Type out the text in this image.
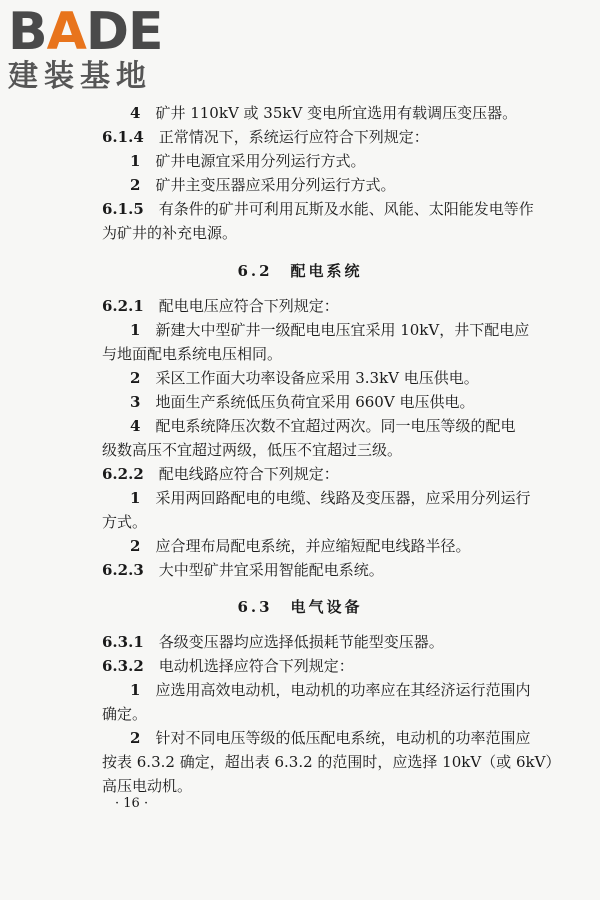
BADE
建装基地
4　 矿井 110kV 或 35kV 变电所宜选用有载调压变压器。
6.1.4　 正常情况下，系统运行应符合下列规定：
1　 矿井电源宜采用分列运行方式。
2　 矿井主变压器应采用分列运行方式。
6.1.5　 有条件的矿井可利用瓦斯及水能、风能、太阳能发电等作
为矿井的补充电源。
6.2　配电系统
6.2.1　 配电电压应符合下列规定：
1　 新建大中型矿井一级配电电压宜采用 10kV，井下配电应
与地面配电系统电压相同。
2　 采区工作面大功率设备应采用 3.3kV 电压供电。
3　 地面生产系统低压负荷宜采用 660V 电压供电。
4　 配电系统降压次数不宜超过两次。同一电压等级的配电
级数高压不宜超过两级，低压不宜超过三级。
6.2.2　 配电线路应符合下列规定：
1　 采用两回路配电的电缆、线路及变压器，应采用分列运行
方式。
2　 应合理布局配电系统，并应缩短配电线路半径。
6.2.3　 大中型矿井宜采用智能配电系统。
6.3　电气设备
6.3.1　 各级变压器均应选择低损耗节能型变压器。
6.3.2　 电动机选择应符合下列规定：
1　 应选用高效电动机，电动机的功率应在其经济运行范围内
确定。
2　 针对不同电压等级的低压配电系统，电动机的功率范围应
按表 6.3.2 确定，超出表 6.3.2 的范围时，应选择 10kV（或 6kV）
高压电动机。
· 16 ·
